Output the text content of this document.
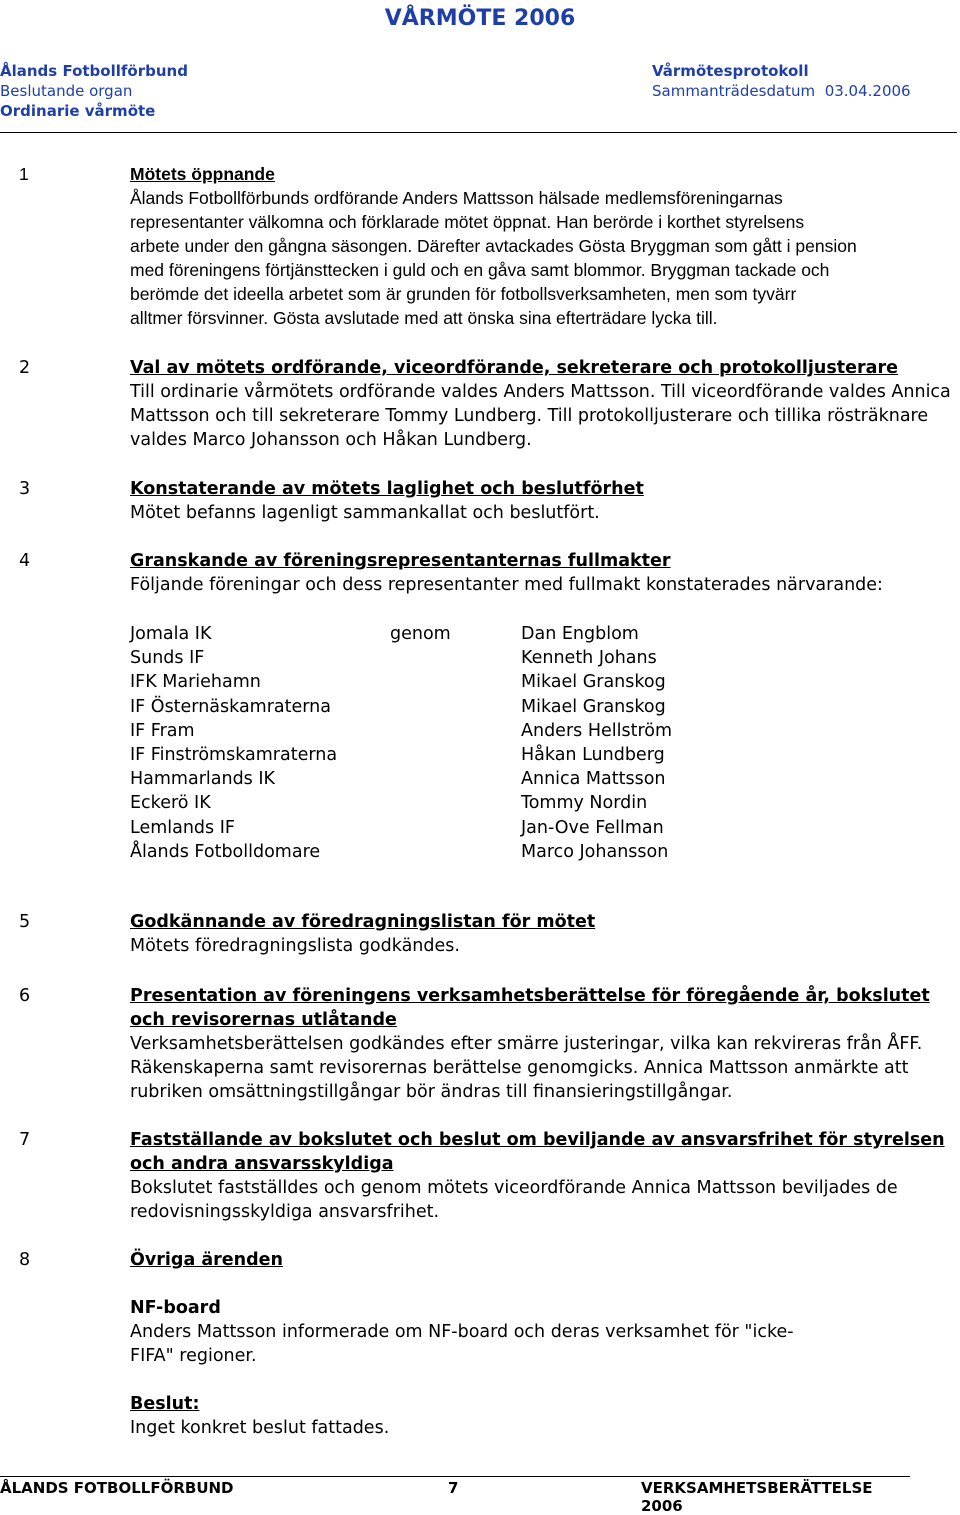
VÅRMÖTE 2006
Ålands Fotbollförbund
Beslutande organ
Ordinarie vårmöte
Vårmötesprotokoll
Sammanträdesdatum 03.04.2006
1	Mötets öppnande
Ålands Fotbollförbunds ordförande Anders Mattsson hälsade medlemsföreningarnas
representanter välkomna och förklarade mötet öppnat. Han berörde i korthet styrelsens
arbete under den gångna säsongen. Därefter avtackades Gösta Bryggman som gått i pension
med föreningens förtjänsttecken i guld och en gåva samt blommor. Bryggman tackade och
berömde det ideella arbetet som är grunden för fotbollsverksamheten, men som tyvärr
alltmer försvinner. Gösta avslutade med att önska sina efterträdare lycka till.
2	Val av mötets ordförande, viceordförande, sekreterare och protokolljusterare
Till ordinarie vårmötets ordförande valdes Anders Mattsson. Till viceordförande valdes Annica
Mattsson och till sekreterare Tommy Lundberg. Till protokolljusterare och tillika rösträknare
valdes Marco Johansson och Håkan Lundberg.
3	Konstaterande av mötets laglighet och beslutförhet
Mötet befanns lagenligt sammankallat och beslutfört.
4	Granskande av föreningsrepresentanternas fullmakter
Följande föreningar och dess representanter med fullmakt konstaterades närvarande:
Jomala IK	genom	Dan Engblom
Sunds IF	Kenneth Johans
IFK Mariehamn	Mikael Granskog
IF Östernäskamraterna	Mikael Granskog
IF Fram	Anders Hellström
IF Finströmskamraterna	Håkan Lundberg
Hammarlands IK	Annica Mattsson
Eckerö IK	Tommy Nordin
Lemlands IF	Jan-Ove Fellman
Ålands Fotbolldomare	Marco Johansson
5	Godkännande av föredragningslistan för mötet
Mötets föredragningslista godkändes.
6	Presentation av föreningens verksamhetsberättelse för föregående år, bokslutet
och revisorernas utlåtande
Verksamhetsberättelsen godkändes efter smärre justeringar, vilka kan rekvireras från ÅFF.
Räkenskaperna samt revisorernas berättelse genomgicks. Annica Mattsson anmärkte att
rubriken omsättningstillgångar bör ändras till finansieringstillgångar.
7	Fastställande av bokslutet och beslut om beviljande av ansvarsfrihet för styrelsen
och andra ansvarsskyldiga
Bokslutet fastställdes och genom mötets viceordförande Annica Mattsson beviljades de
redovisningsskyldiga ansvarsfrihet.
8	Övriga ärenden
NF-board
Anders Mattsson informerade om NF-board och deras verksamhet för "icke-
FIFA" regioner.
Beslut:
Inget konkret beslut fattades.
ÅLANDS FOTBOLLFÖRBUND	7	VERKSAMHETSBERÄTTELSE 2006
